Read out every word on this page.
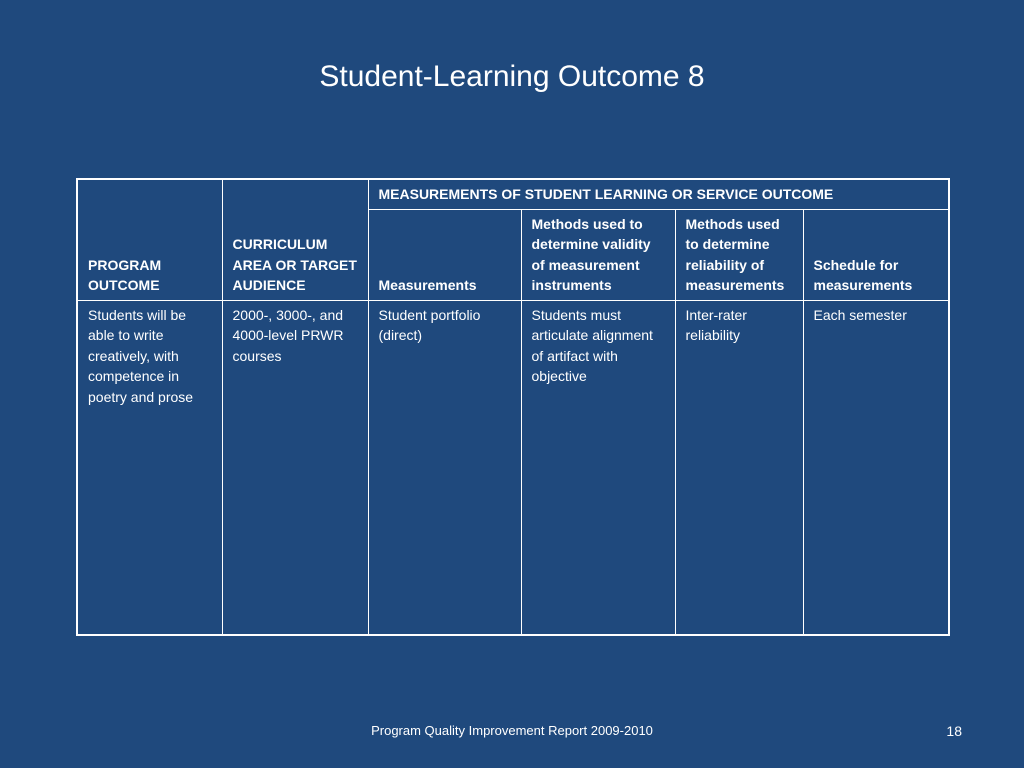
Student-Learning Outcome 8
PROGRAM OUTCOME	CURRICULUM AREA OR TARGET AUDIENCE	MEASUREMENTS OF STUDENT LEARNING OR SERVICE OUTCOME			
		Measurements	Methods used to determine validity of measurement instruments	Methods used to determine reliability of measurements	Schedule for measurements
Students will be able to write creatively, with competence in poetry and prose	2000-, 3000-, and 4000-level PRWR courses	Student portfolio (direct)	Students must articulate alignment of artifact with objective	Inter-rater reliability	Each semester
Program Quality Improvement Report 2009-2010	18
